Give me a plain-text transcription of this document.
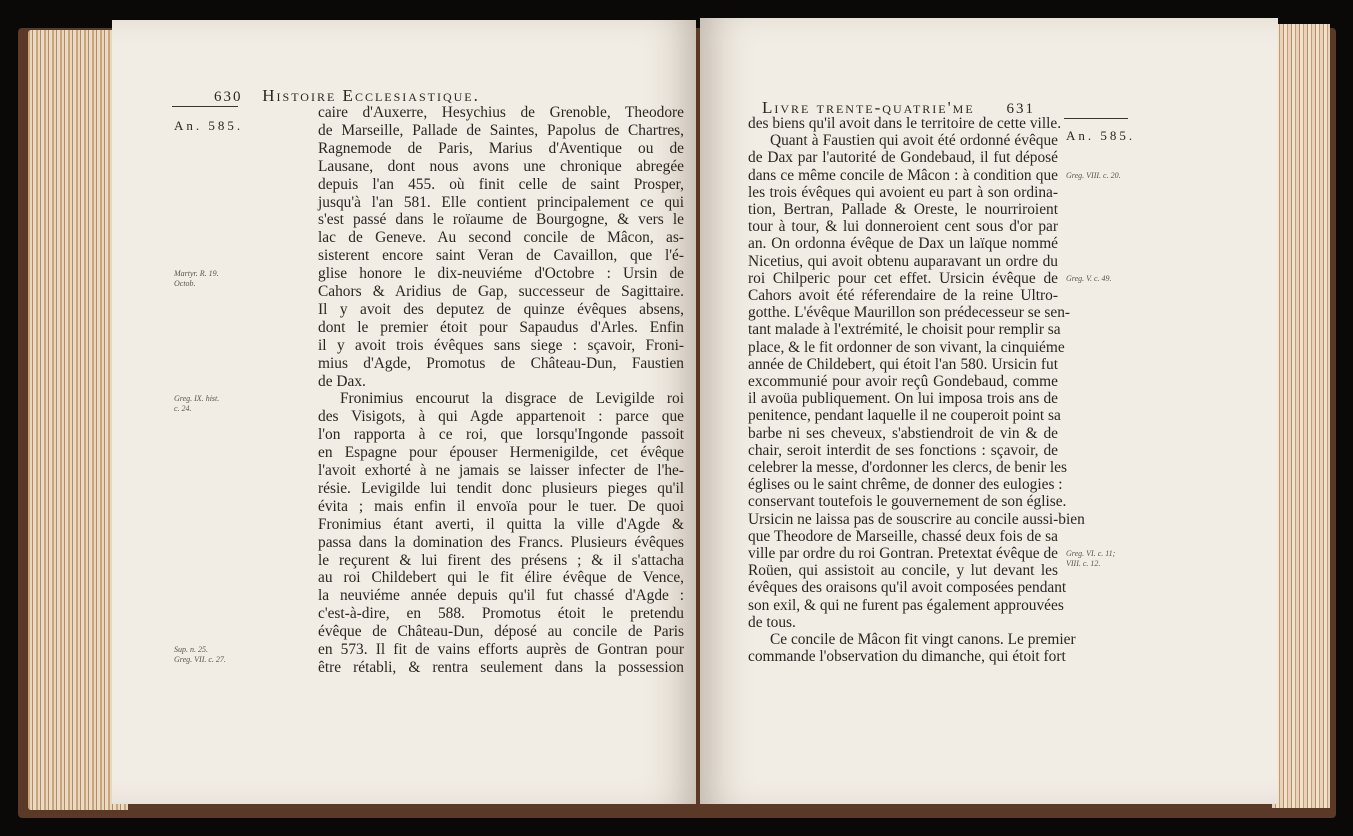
630 Histoire Ecclesiastique.
An. 585.
caire d'Auxerre, Hesychius de Grenoble, Theodore
de Marseille, Pallade de Saintes, Papolus de Chartres,
Ragnemode de Paris, Marius d'Aventique ou de
Lausane, dont nous avons une chronique abregée
depuis l'an 455. où finit celle de saint Prosper,
jusqu'à l'an 581. Elle contient principalement ce qui
s'est passé dans le roïaume de Bourgogne, & vers le
lac de Geneve. Au second concile de Mâcon, as-
sisterent encore saint Veran de Cavaillon, que l'é-
glise honore le dix-neuviéme d'Octobre : Ursin de
Cahors & Aridius de Gap, successeur de Sagittaire.
Il y avoit des deputez de quinze évêques absens,
dont le premier étoit pour Sapaudus d'Arles. Enfin
il y avoit trois évêques sans siege : sçavoir, Froni-
mius d'Agde, Promotus de Château-Dun, Faustien
de Dax.
Fronimius encourut la disgrace de Levigilde roi
des Visigots, à qui Agde appartenoit : parce que
l'on rapporta à ce roi, que lorsqu'Ingonde passoit
en Espagne pour épouser Hermenigilde, cet évêque
l'avoit exhorté à ne jamais se laisser infecter de l'he-
résie. Levigilde lui tendit donc plusieurs pieges qu'il
évita ; mais enfin il envoïa pour le tuer. De quoi
Fronimius étant averti, il quitta la ville d'Agde &
passa dans la domination des Francs. Plusieurs évêques
le reçurent & lui firent des présens ; & il s'attacha
au roi Childebert qui le fit élire évêque de Vence,
la neuviéme année depuis qu'il fut chassé d'Agde :
c'est-à-dire, en 588. Promotus étoit le pretendu
évêque de Château-Dun, déposé au concile de Paris
en 573. Il fit de vains efforts auprès de Gontran pour
être rétabli, & rentra seulement dans la possession
Martyr. R. 19.
Octob.
Greg. IX. hist.
c. 24.
Sup. n. 25.
Greg. VII. c. 27.
Livre trente-quatrie'me 631
An. 585.
des biens qu'il avoit dans le territoire de cette ville.
Quant à Faustien qui avoit été ordonné évêque
de Dax par l'autorité de Gondebaud, il fut déposé
dans ce même concile de Mâcon : à condition que
les trois évêques qui avoient eu part à son ordina-
tion, Bertran, Pallade & Oreste, le nourriroient
tour à tour, & lui donneroient cent sous d'or par
an. On ordonna évêque de Dax un laïque nommé
Nicetius, qui avoit obtenu auparavant un ordre du
roi Chilperic pour cet effet. Ursicin évêque de
Cahors avoit été réferendaire de la reine Ultro-
gotthe. L'évêque Maurillon son prédecesseur se sen-
tant malade à l'extrémité, le choisit pour remplir sa
place, & le fit ordonner de son vivant, la cinquiéme
année de Childebert, qui étoit l'an 580. Ursicin fut
excommunié pour avoir reçû Gondebaud, comme
il avoüa publiquement. On lui imposa trois ans de
penitence, pendant laquelle il ne couperoit point sa
barbe ni ses cheveux, s'abstiendroit de vin & de
chair, seroit interdit de ses fonctions : sçavoir, de
celebrer la messe, d'ordonner les clercs, de benir les
églises ou le saint chrême, de donner des eulogies :
conservant toutefois le gouvernement de son église.
Ursicin ne laissa pas de souscrire au concile aussi-bien
que Theodore de Marseille, chassé deux fois de sa
ville par ordre du roi Gontran. Pretextat évêque de
Roüen, qui assistoit au concile, y lut devant les
évêques des oraisons qu'il avoit composées pendant
son exil, & qui ne furent pas également approuvées
de tous.
Ce concile de Mâcon fit vingt canons. Le premier
commande l'observation du dimanche, qui étoit fort
Greg. VIII. c. 20.
Greg. V. c. 49.
Greg. VI. c. 11;
VIII. c. 12.
